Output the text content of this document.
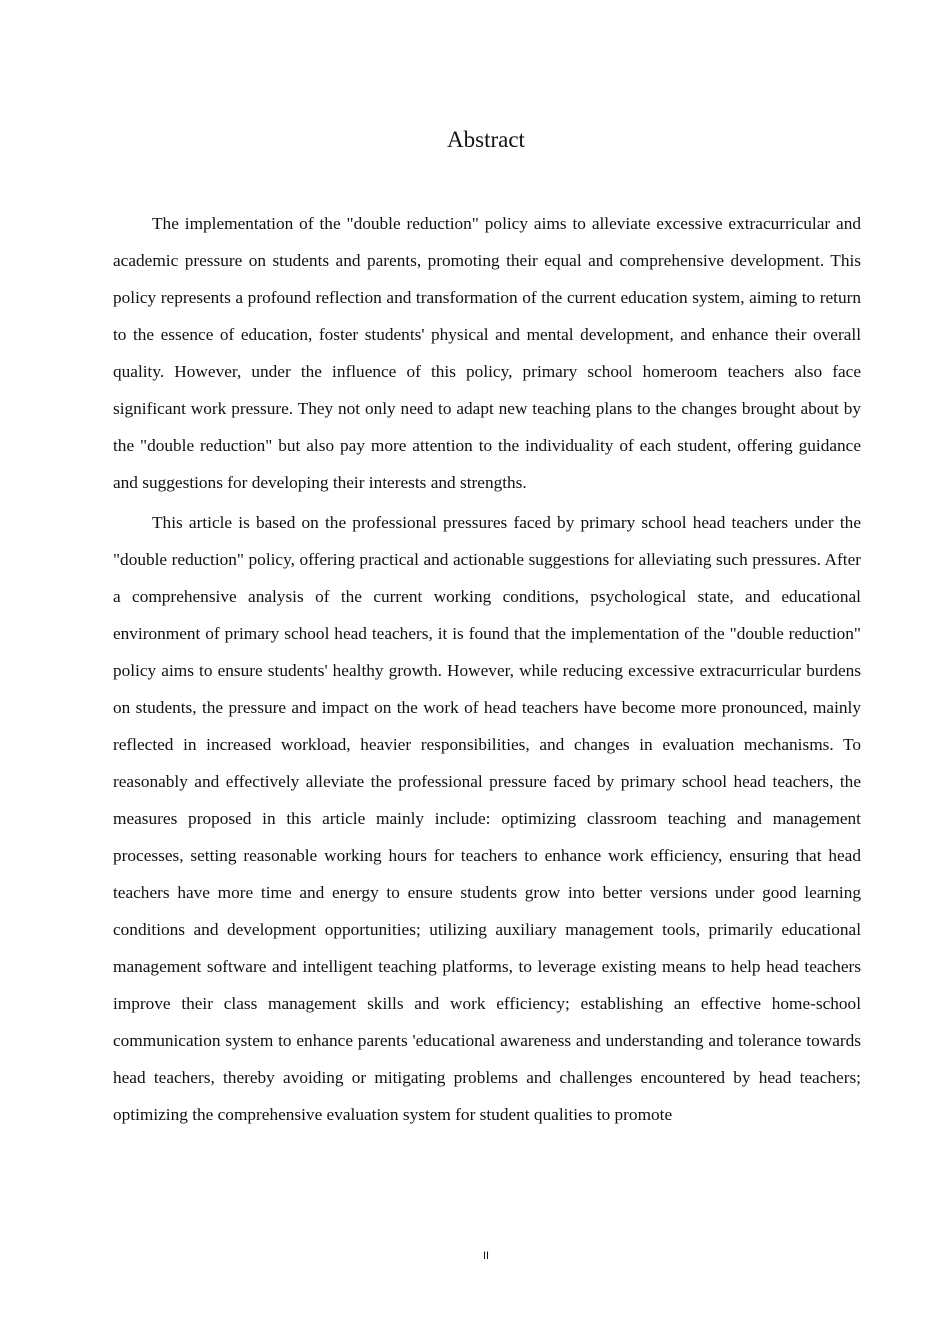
Abstract

The implementation of the "double reduction" policy aims to alleviate excessive extracurricular and academic pressure on students and parents, promoting their equal and comprehensive development. This policy represents a profound reflection and transformation of the current education system, aiming to return to the essence of education, foster students' physical and mental development, and enhance their overall quality. However, under the influence of this policy, primary school homeroom teachers also face significant work pressure. They not only need to adapt new teaching plans to the changes brought about by the "double reduction" but also pay more attention to the individuality of each student, offering guidance and suggestions for developing their interests and strengths.

This article is based on the professional pressures faced by primary school head teachers under the "double reduction" policy, offering practical and actionable suggestions for alleviating such pressures. After a comprehensive analysis of the current working conditions, psychological state, and educational environment of primary school head teachers, it is found that the implementation of the "double reduction" policy aims to ensure students' healthy growth. However, while reducing excessive extracurricular burdens on students, the pressure and impact on the work of head teachers have become more pronounced, mainly reflected in increased workload, heavier responsibilities, and changes in evaluation mechanisms. To reasonably and effectively alleviate the professional pressure faced by primary school head teachers, the measures proposed in this article mainly include: optimizing classroom teaching and management processes, setting reasonable working hours for teachers to enhance work efficiency, ensuring that head teachers have more time and energy to ensure students grow into better versions under good learning conditions and development opportunities; utilizing auxiliary management tools, primarily educational management software and intelligent teaching platforms, to leverage existing means to help head teachers improve their class management skills and work efficiency; establishing an effective home-school communication system to enhance parents 'educational awareness and understanding and tolerance towards head teachers, thereby avoiding or mitigating problems and challenges encountered by head teachers; optimizing the comprehensive evaluation system for student qualities to promote

II
